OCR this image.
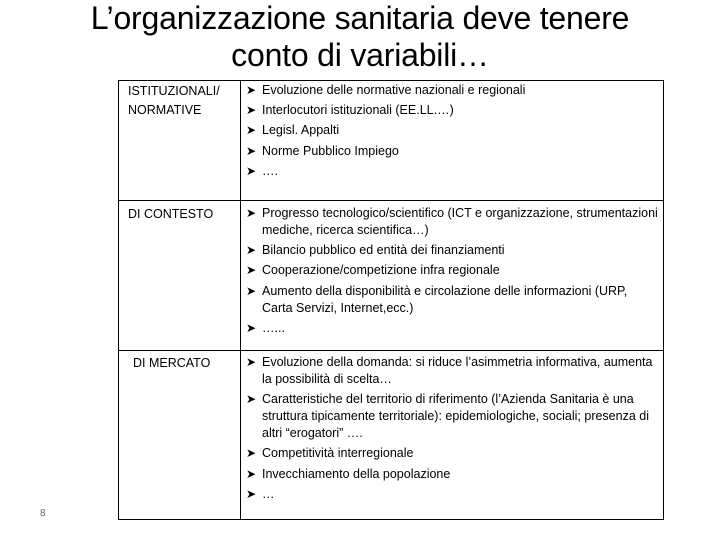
L’organizzazione sanitaria deve tenere
conto di variabili…
ISTITUZIONALI/
NORMATIVE
➤ Evoluzione delle normative nazionali e regionali
➤ Interlocutori istituzionali (EE.LL.…)
➤ Legisl. Appalti
➤ Norme Pubblico Impiego
➤ ….
DI CONTESTO	➤ Progresso tecnologico/scientifico (ICT e organizzazione, strumentazioni mediche, ricerca scientifica…)
➤ Bilancio pubblico ed entità dei finanziamenti
➤ Cooperazione/competizione infra regionale
➤ Aumento della disponibilità e circolazione delle informazioni (URP, Carta Servizi, Internet,ecc.)
➤ …...
DI MERCATO	➤ Evoluzione della domanda: si riduce l’asimmetria informativa, aumenta la possibilità di scelta…
➤ Caratteristiche del territorio di riferimento (l’Azienda Sanitaria è una struttura tipicamente territoriale): epidemiologiche, sociali; presenza di altri “erogatori” ….
➤ Competitività interregionale
➤ Invecchiamento della popolazione
➤ …
8
